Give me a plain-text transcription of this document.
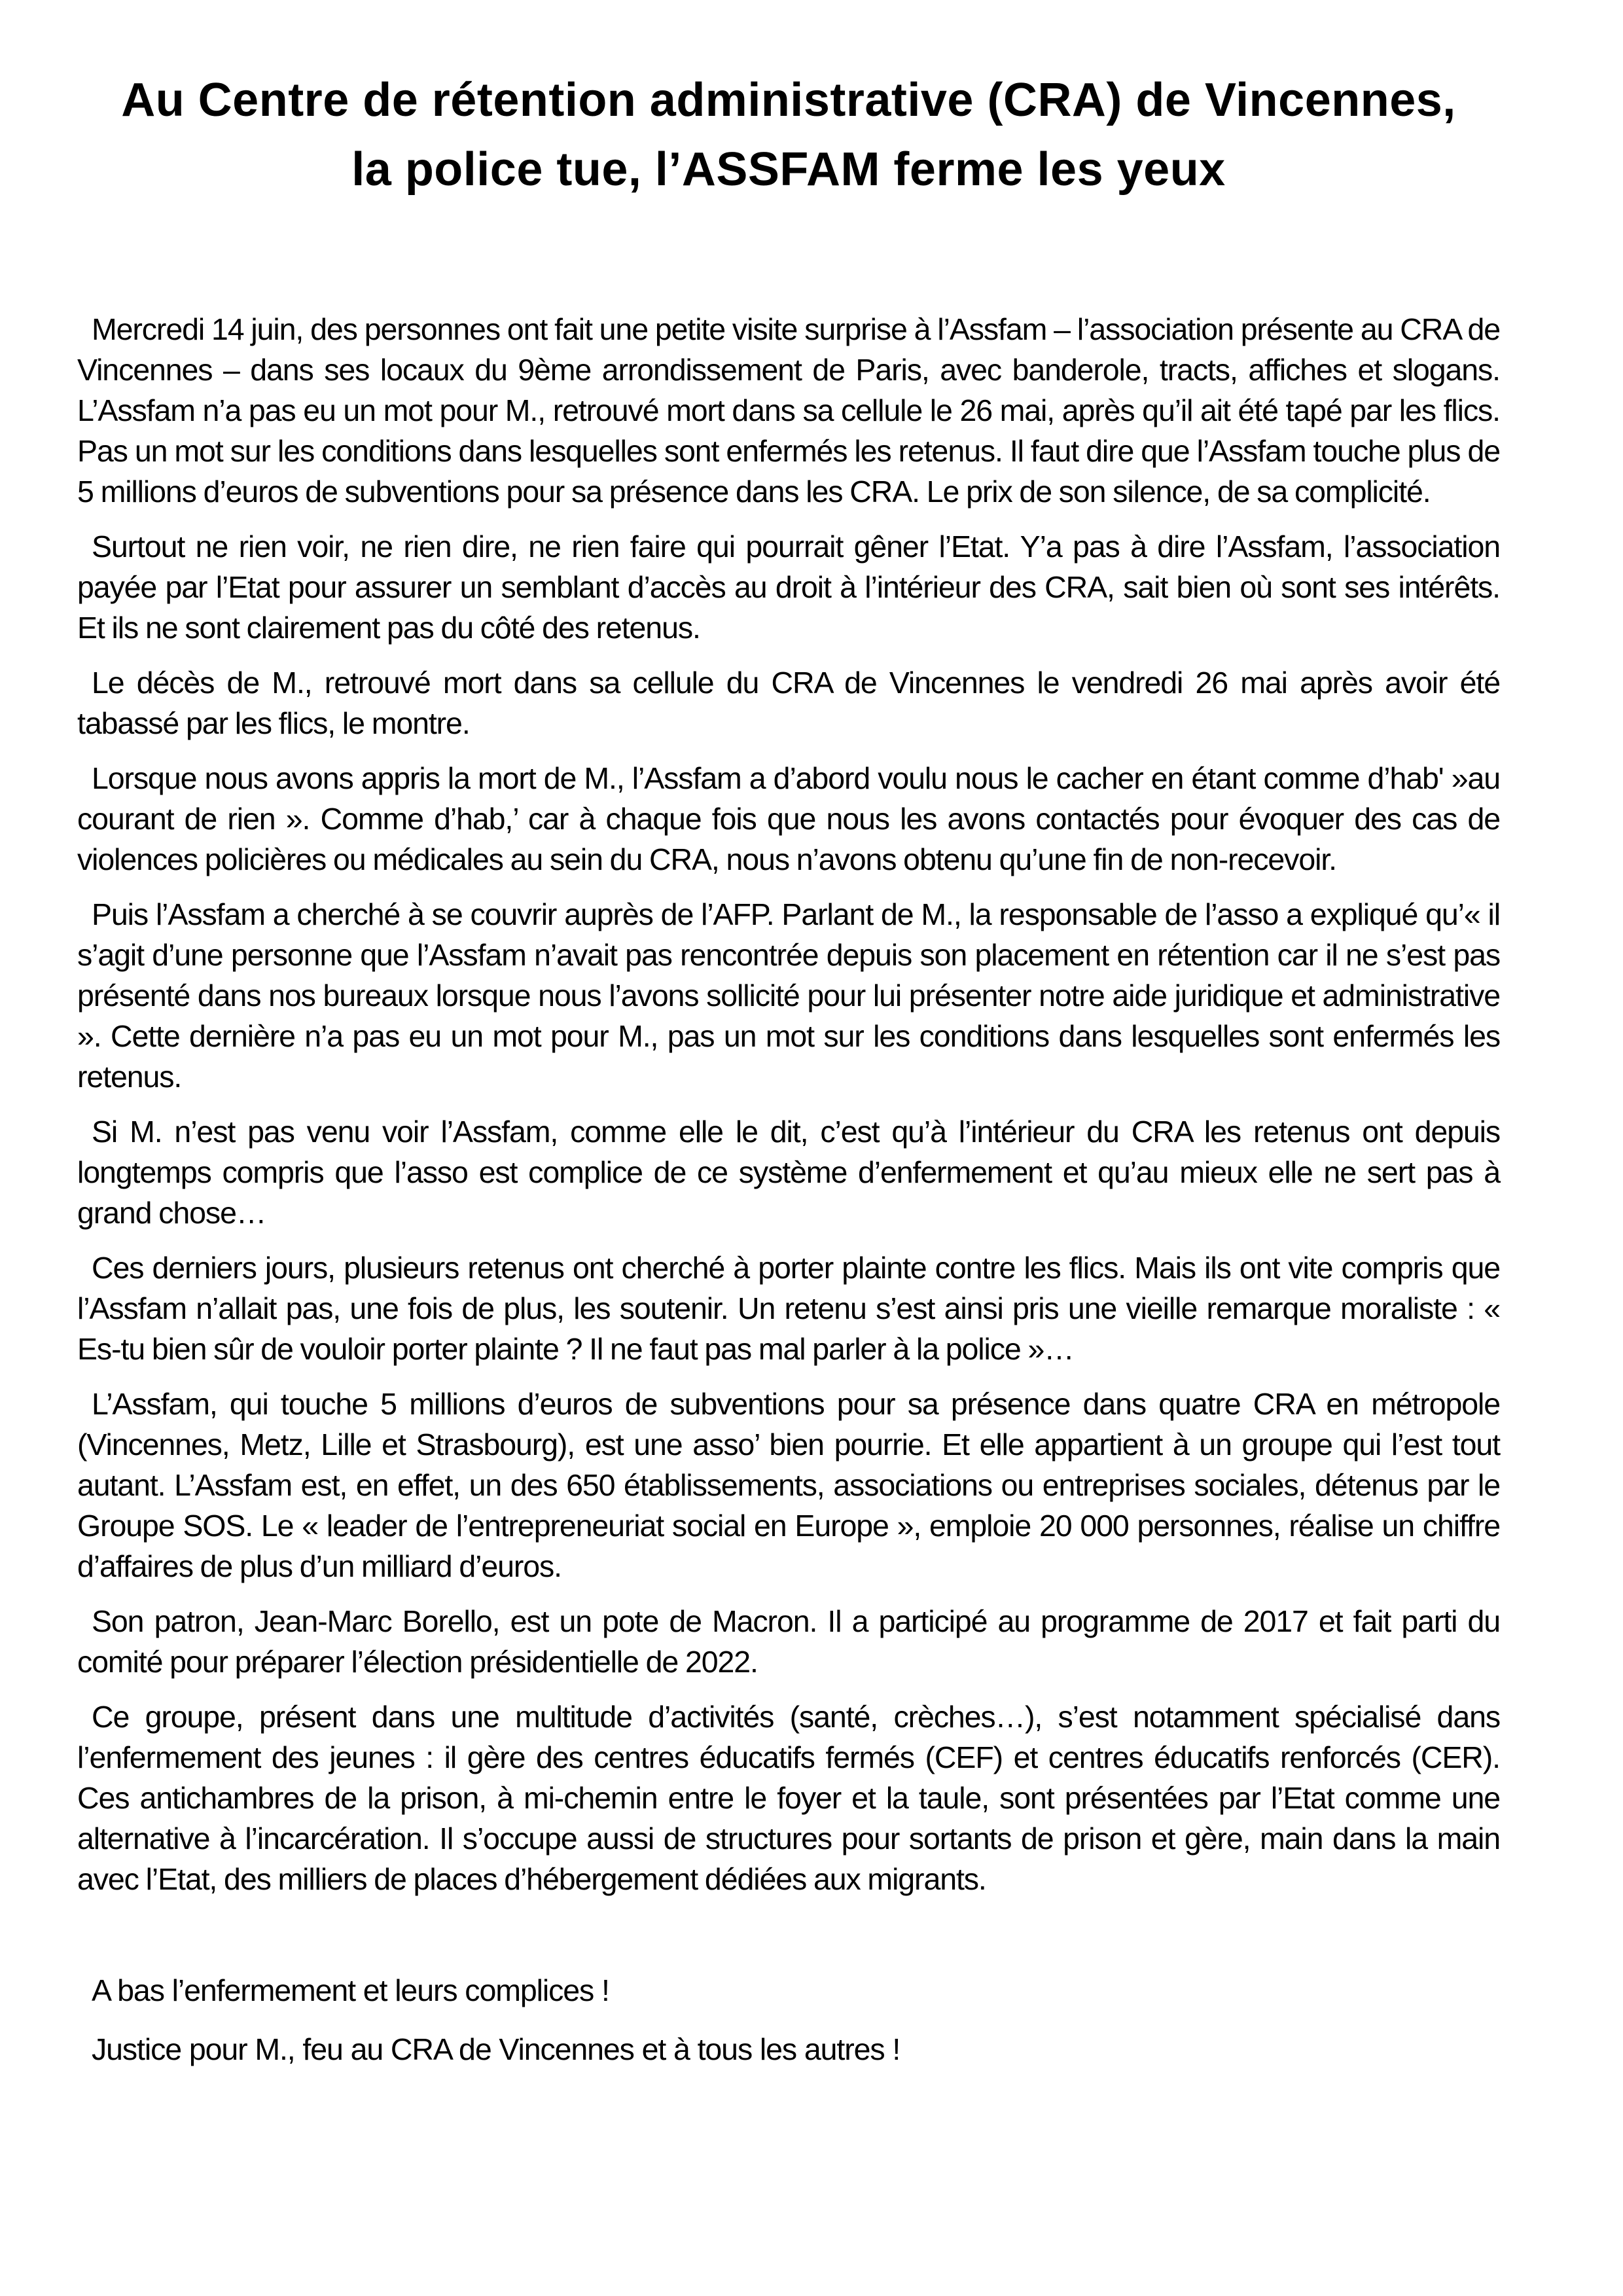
Au Centre de rétention administrative (CRA) de Vincennes,
la police tue, l’ASSFAM ferme les yeux

Mercredi 14 juin, des personnes ont fait une petite visite surprise à l’Assfam – l’association présente au CRA de Vincennes – dans ses locaux du 9ème arrondissement de Paris, avec banderole, tracts, affiches et slogans. L’Assfam n’a pas eu un mot pour M., retrouvé mort dans sa cellule le 26 mai, après qu’il ait été tapé par les flics. Pas un mot sur les conditions dans lesquelles sont enfermés les retenus. Il faut dire que l’Assfam touche plus de 5 millions d’euros de subventions pour sa présence dans les CRA. Le prix de son silence, de sa complicité.

Surtout ne rien voir, ne rien dire, ne rien faire qui pourrait gêner l’Etat. Y’a pas à dire l’Assfam, l’association payée par l’Etat pour assurer un semblant d’accès au droit à l’intérieur des CRA, sait bien où sont ses intérêts. Et ils ne sont clairement pas du côté des retenus.

Le décès de M., retrouvé mort dans sa cellule du CRA de Vincennes le vendredi 26 mai après avoir été tabassé par les flics, le montre.

Lorsque nous avons appris la mort de M., l’Assfam a d’abord voulu nous le cacher en étant comme d’hab' »au courant de rien ». Comme d’hab,’ car à chaque fois que nous les avons contactés pour évoquer des cas de violences policières ou médicales au sein du CRA, nous n’avons obtenu qu’une fin de non-recevoir.

Puis l’Assfam a cherché à se couvrir auprès de l’AFP. Parlant de M., la responsable de l’asso a expliqué qu’« il s’agit d’une personne que l’Assfam n’avait pas rencontrée depuis son placement en rétention car il ne s’est pas présenté dans nos bureaux lorsque nous l’avons sollicité pour lui présenter notre aide juridique et administrative ». Cette dernière n’a pas eu un mot pour M., pas un mot sur les conditions dans lesquelles sont enfermés les retenus.

Si M. n’est pas venu voir l’Assfam, comme elle le dit, c’est qu’à l’intérieur du CRA les retenus ont depuis longtemps compris que l’asso est complice de ce système d’enfermement et qu’au mieux elle ne sert pas à grand chose…

Ces derniers jours, plusieurs retenus ont cherché à porter plainte contre les flics. Mais ils ont vite compris que l’Assfam n’allait pas, une fois de plus, les soutenir. Un retenu s’est ainsi pris une vieille remarque moraliste : « Es-tu bien sûr de vouloir porter plainte ? Il ne faut pas mal parler à la police »…

L’Assfam, qui touche 5 millions d’euros de subventions pour sa présence dans quatre CRA en métropole (Vincennes, Metz, Lille et Strasbourg), est une asso’ bien pourrie. Et elle appartient à un groupe qui l’est tout autant. L’Assfam est, en effet, un des 650 établissements, associations ou entreprises sociales, détenus par le Groupe SOS. Le « leader de l’entrepreneuriat social en Europe », emploie 20 000 personnes, réalise un chiffre d’affaires de plus d’un milliard d’euros.

Son patron, Jean-Marc Borello, est un pote de Macron. Il a participé au programme de 2017 et fait parti du comité pour préparer l’élection présidentielle de 2022.

Ce groupe, présent dans une multitude d’activités (santé, crèches…), s’est notamment spécialisé dans l’enfermement des jeunes : il gère des centres éducatifs fermés (CEF) et centres éducatifs renforcés (CER). Ces antichambres de la prison, à mi-chemin entre le foyer et la taule, sont présentées par l’Etat comme une alternative à l’incarcération. Il s’occupe aussi de structures pour sortants de prison et gère, main dans la main avec l’Etat, des milliers de places d’hébergement dédiées aux migrants.

A bas l’enfermement et leurs complices !

Justice pour M., feu au CRA de Vincennes et à tous les autres !
